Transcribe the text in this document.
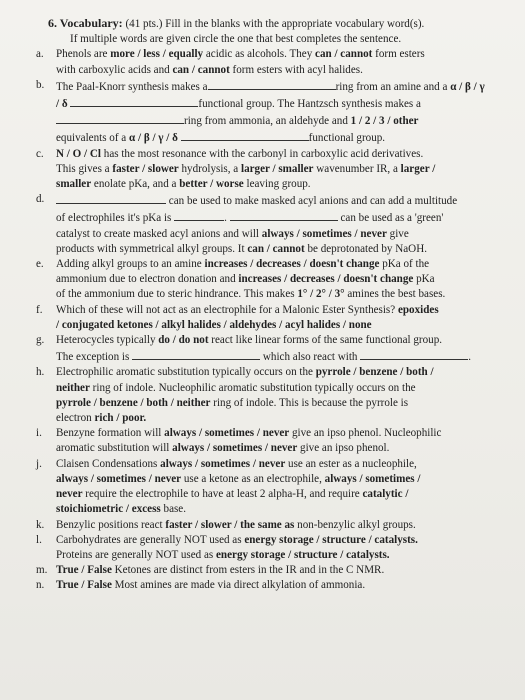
6. Vocabulary: (41 pts.) Fill in the blanks with the appropriate vocabulary word(s).
If multiple words are given circle the one that best completes the sentence.
a. Phenols are more / less / equally acidic as alcohols. They can / cannot form esters
with carboxylic acids and can / cannot form esters with acyl halides.
b. The Paal-Knorr synthesis makes a	ring from an amine and a α / β / γ
/ δ	functional group. The Hantzsch synthesis makes a
ring from ammonia, an aldehyde and 1 / 2 / 3 / other
equivalents of a α / β / γ / δ	functional group.
c. N / O / Cl has the most resonance with the carbonyl in carboxylic acid derivatives.
This gives a faster / slower hydrolysis, a larger / smaller wavenumber IR, a larger /
smaller enolate pKa, and a better / worse leaving group.
d.	can be used to make masked acyl anions and can add a multitude
of electrophiles it's pKa is	.	can be used as a 'green'
catalyst to create masked acyl anions and will always / sometimes / never give
products with symmetrical alkyl groups. It can / cannot be deprotonated by NaOH.
e. Adding alkyl groups to an amine increases / decreases / doesn't change pKa of the
ammonium due to electron donation and increases / decreases / doesn't change pKa
of the ammonium due to steric hindrance. This makes 1° / 2° / 3° amines the best bases.
f. Which of these will not act as an electrophile for a Malonic Ester Synthesis? epoxides
/ conjugated ketones / alkyl halides / aldehydes / acyl halides / none
g. Heterocycles typically do / do not react like linear forms of the same functional group.
The exception is	which also react with	.
h. Electrophilic aromatic substitution typically occurs on the pyrrole / benzene / both /
neither ring of indole. Nucleophilic aromatic substitution typically occurs on the
pyrrole / benzene / both / neither ring of indole. This is because the pyrrole is
electron rich / poor.
i. Benzyne formation will always / sometimes / never give an ipso phenol. Nucleophilic
aromatic substitution will always / sometimes / never give an ipso phenol.
j. Claisen Condensations always / sometimes / never use an ester as a nucleophile,
always / sometimes / never use a ketone as an electrophile, always / sometimes /
never require the electrophile to have at least 2 alpha-H, and require catalytic /
stoichiometric / excess base.
k. Benzylic positions react faster / slower / the same as non-benzylic alkyl groups.
l. Carbohydrates are generally NOT used as energy storage / structure / catalysts.
Proteins are generally NOT used as energy storage / structure / catalysts.
m. True / False Ketones are distinct from esters in the IR and in the C NMR.
n. True / False Most amines are made via direct alkylation of ammonia.
